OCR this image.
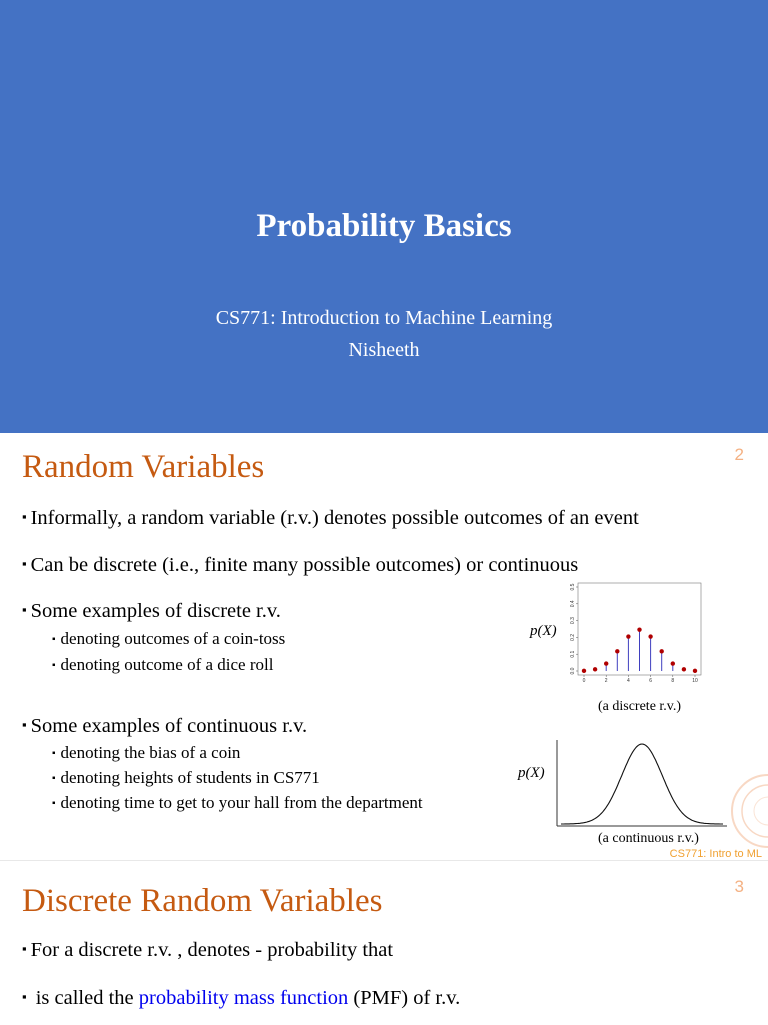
Probability Basics
CS771: Introduction to Machine Learning
Nisheeth
2
Random Variables
▪ Informally, a random variable (r.v.) denotes possible outcomes of an event
▪ Can be discrete (i.e., finite many possible outcomes) or continuous
▪ Some examples of discrete r.v.
▪ denoting outcomes of a coin-toss
▪ denoting outcome of a dice roll
▪ Some examples of continuous r.v.
▪ denoting the bias of a coin
▪ denoting heights of students in CS771
▪ denoting time to get to your hall from the department
p(X)
0.0
0.1
0.2
0.3
0.4
0.5
0	2	4	6	8	10
(a discrete r.v.)
p(X)
(a continuous r.v.)
CS771: Intro to ML
3
Discrete Random Variables
▪ For a discrete r.v. , denotes - probability that
▪ is called the probability mass function (PMF) of r.v.
